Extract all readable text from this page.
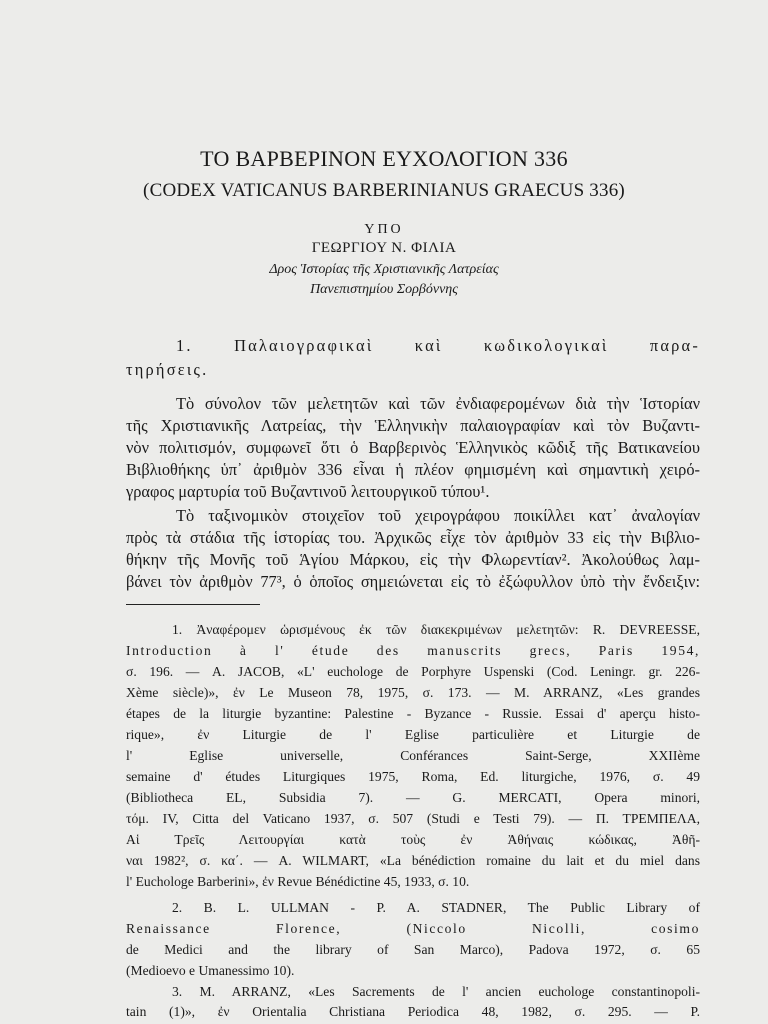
ΤΟ ΒΑΡΒΕΡΙΝΟΝ ΕΥΧΟΛΟΓΙΟΝ 336
(CODEX VATICANUS BARBERINIANUS GRAECUS 336)
ΥΠΟ
ΓΕΩΡΓΙΟΥ Ν. ΦΙΛΙΑ
Δρος Ἱστορίας τῆς Χριστιανικῆς Λατρείας
Πανεπιστημίου Σορβόννης
1. Παλαιογραφικαὶ καὶ κωδικολογικαὶ παρα-
τηρήσεις.
Τὸ σύνολον τῶν μελετητῶν καὶ τῶν ἐνδιαφερομένων διὰ τὴν Ἱστορίαν
τῆς Χριστιανικῆς Λατρείας, τὴν Ἑλληνικὴν παλαιογραφίαν καὶ τὸν Βυζαντι-
νὸν πολιτισμόν, συμφωνεῖ ὅτι ὁ Βαρβερινὸς Ἑλληνικὸς κῶδιξ τῆς Βατικανείου
Βιβλιοθήκης ὑπ᾿ ἀριθμὸν 336 εἶναι ἡ πλέον φημισμένη καὶ σημαντικὴ χειρό-
γραφος μαρτυρία τοῦ Βυζαντινοῦ λειτουργικοῦ τύπου¹.
Τὸ ταξινομικὸν στοιχεῖον τοῦ χειρογράφου ποικίλλει κατ᾿ ἀναλογίαν
πρὸς τὰ στάδια τῆς ἱστορίας του. Ἀρχικῶς εἶχε τὸν ἀριθμὸν 33 εἰς τὴν Βιβλιο-
θήκην τῆς Μονῆς τοῦ Ἁγίου Μάρκου, εἰς τὴν Φλωρεντίαν². Ἀκολούθως λαμ-
βάνει τὸν ἀριθμὸν 77³, ὁ ὁποῖος σημειώνεται εἰς τὸ ἐξώφυλλον ὑπὸ τὴν ἔνδειξιν:
1. Ἀναφέρομεν ὡρισμένους ἐκ τῶν διακεκριμένων μελετητῶν: R. DEVREESSE,
Introduction à l' étude des manuscrits grecs, Paris 1954,
σ. 196. — A. JACOB, «L' euchologe de Porphyre Uspenski (Cod. Leningr. gr. 226-
Xème siècle)», ἐν Le Museon 78, 1975, σ. 173. — M. ARRANZ, «Les grandes
étapes de la liturgie byzantine: Palestine - Byzance - Russie. Essai d' aperçu histo-
rique», ἐν Liturgie de l' Eglise particulière et Liturgie de
l' Eglise universelle, Conférances Saint-Serge, XXIIème
semaine d' études Liturgiques 1975, Roma, Ed. liturgiche, 1976, σ. 49
(Bibliotheca EL, Subsidia 7). — G. MERCATI, Opera minori,
τόμ. IV, Citta del Vaticano 1937, σ. 507 (Studi e Testi 79). — Π. ΤΡΕΜΠΕΛΑ,
Αἱ Τρεῖς Λειτουργίαι κατὰ τοὺς ἐν Ἀθήναις κώδικας, Ἀθῆ-
ναι 1982², σ. κα΄. — A. WILMART, «La bénédiction romaine du lait et du miel dans
l' Euchologe Barberini», ἐν Revue Bénédictine 45, 1933, σ. 10.
2. B. L. ULLMAN - P. A. STADNER, The Public Library of
Renaissance Florence, (Niccolo Nicolli, cosimo
de Medici and the library of San Marco), Padova 1972, σ. 65
(Medioevo e Umanessimo 10).
3. M. ARRANZ, «Les Sacrements de l' ancien euchologe constantinopoli-
tain (1)», ἐν Orientalia Christiana Periodica 48, 1982, σ. 295. — P.
